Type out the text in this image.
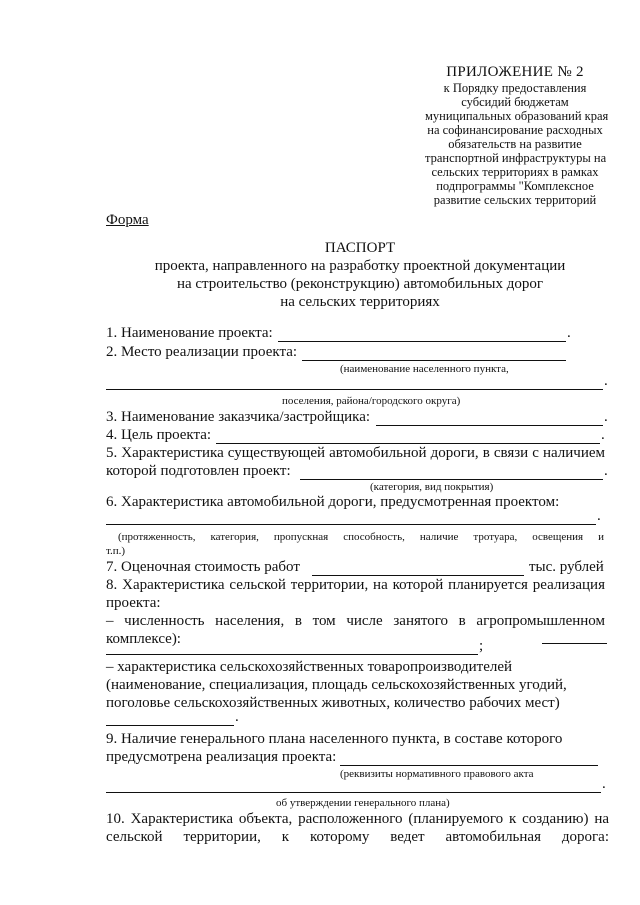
ПРИЛОЖЕНИЕ № 2
к Порядку предоставления
субсидий бюджетам
муниципальных образований края
на софинансирование расходных
обязательств на развитие
транспортной инфраструктуры на
сельских территориях в рамках
подпрограммы "Комплексное
развитие сельских территорий
Форма
ПАСПОРТ
проекта, направленного на разработку проектной документации
на строительство (реконструкцию) автомобильных дорог
на сельских территориях
1. Наименование проекта:	.
2. Место реализации проекта:
(наименование населенного пункта,
.
поселения, района/городского округа)
3. Наименование заказчика/застройщика:	.
4. Цель проекта:	.
5. Характеристика существующей автомобильной дороги, в связи с наличием
которой подготовлен проект:	.
(категория, вид покрытия)
6. Характеристика автомобильной дороги, предусмотренная проектом:
.
(протяженность, категория, пропускная способность, наличие тротуара, освещения и
т.п.)
7. Оценочная стоимость работ	тыс. рублей
8. Характеристика сельской территории, на которой планируется реализация
проекта:
– численность населения, в том числе занятого в агропромышленном
комплексе):	;
– характеристика сельскохозяйственных товаропроизводителей
(наименование, специализация, площадь сельскохозяйственных угодий,
поголовье сельскохозяйственных животных, количество рабочих мест)
.
9. Наличие генерального плана населенного пункта, в составе которого
предусмотрена реализация проекта:
(реквизиты нормативного правового акта
.
об утверждении генерального плана)
10. Характеристика объекта, расположенного (планируемого к созданию) на
сельской территории, к которому ведет автомобильная дорога:
